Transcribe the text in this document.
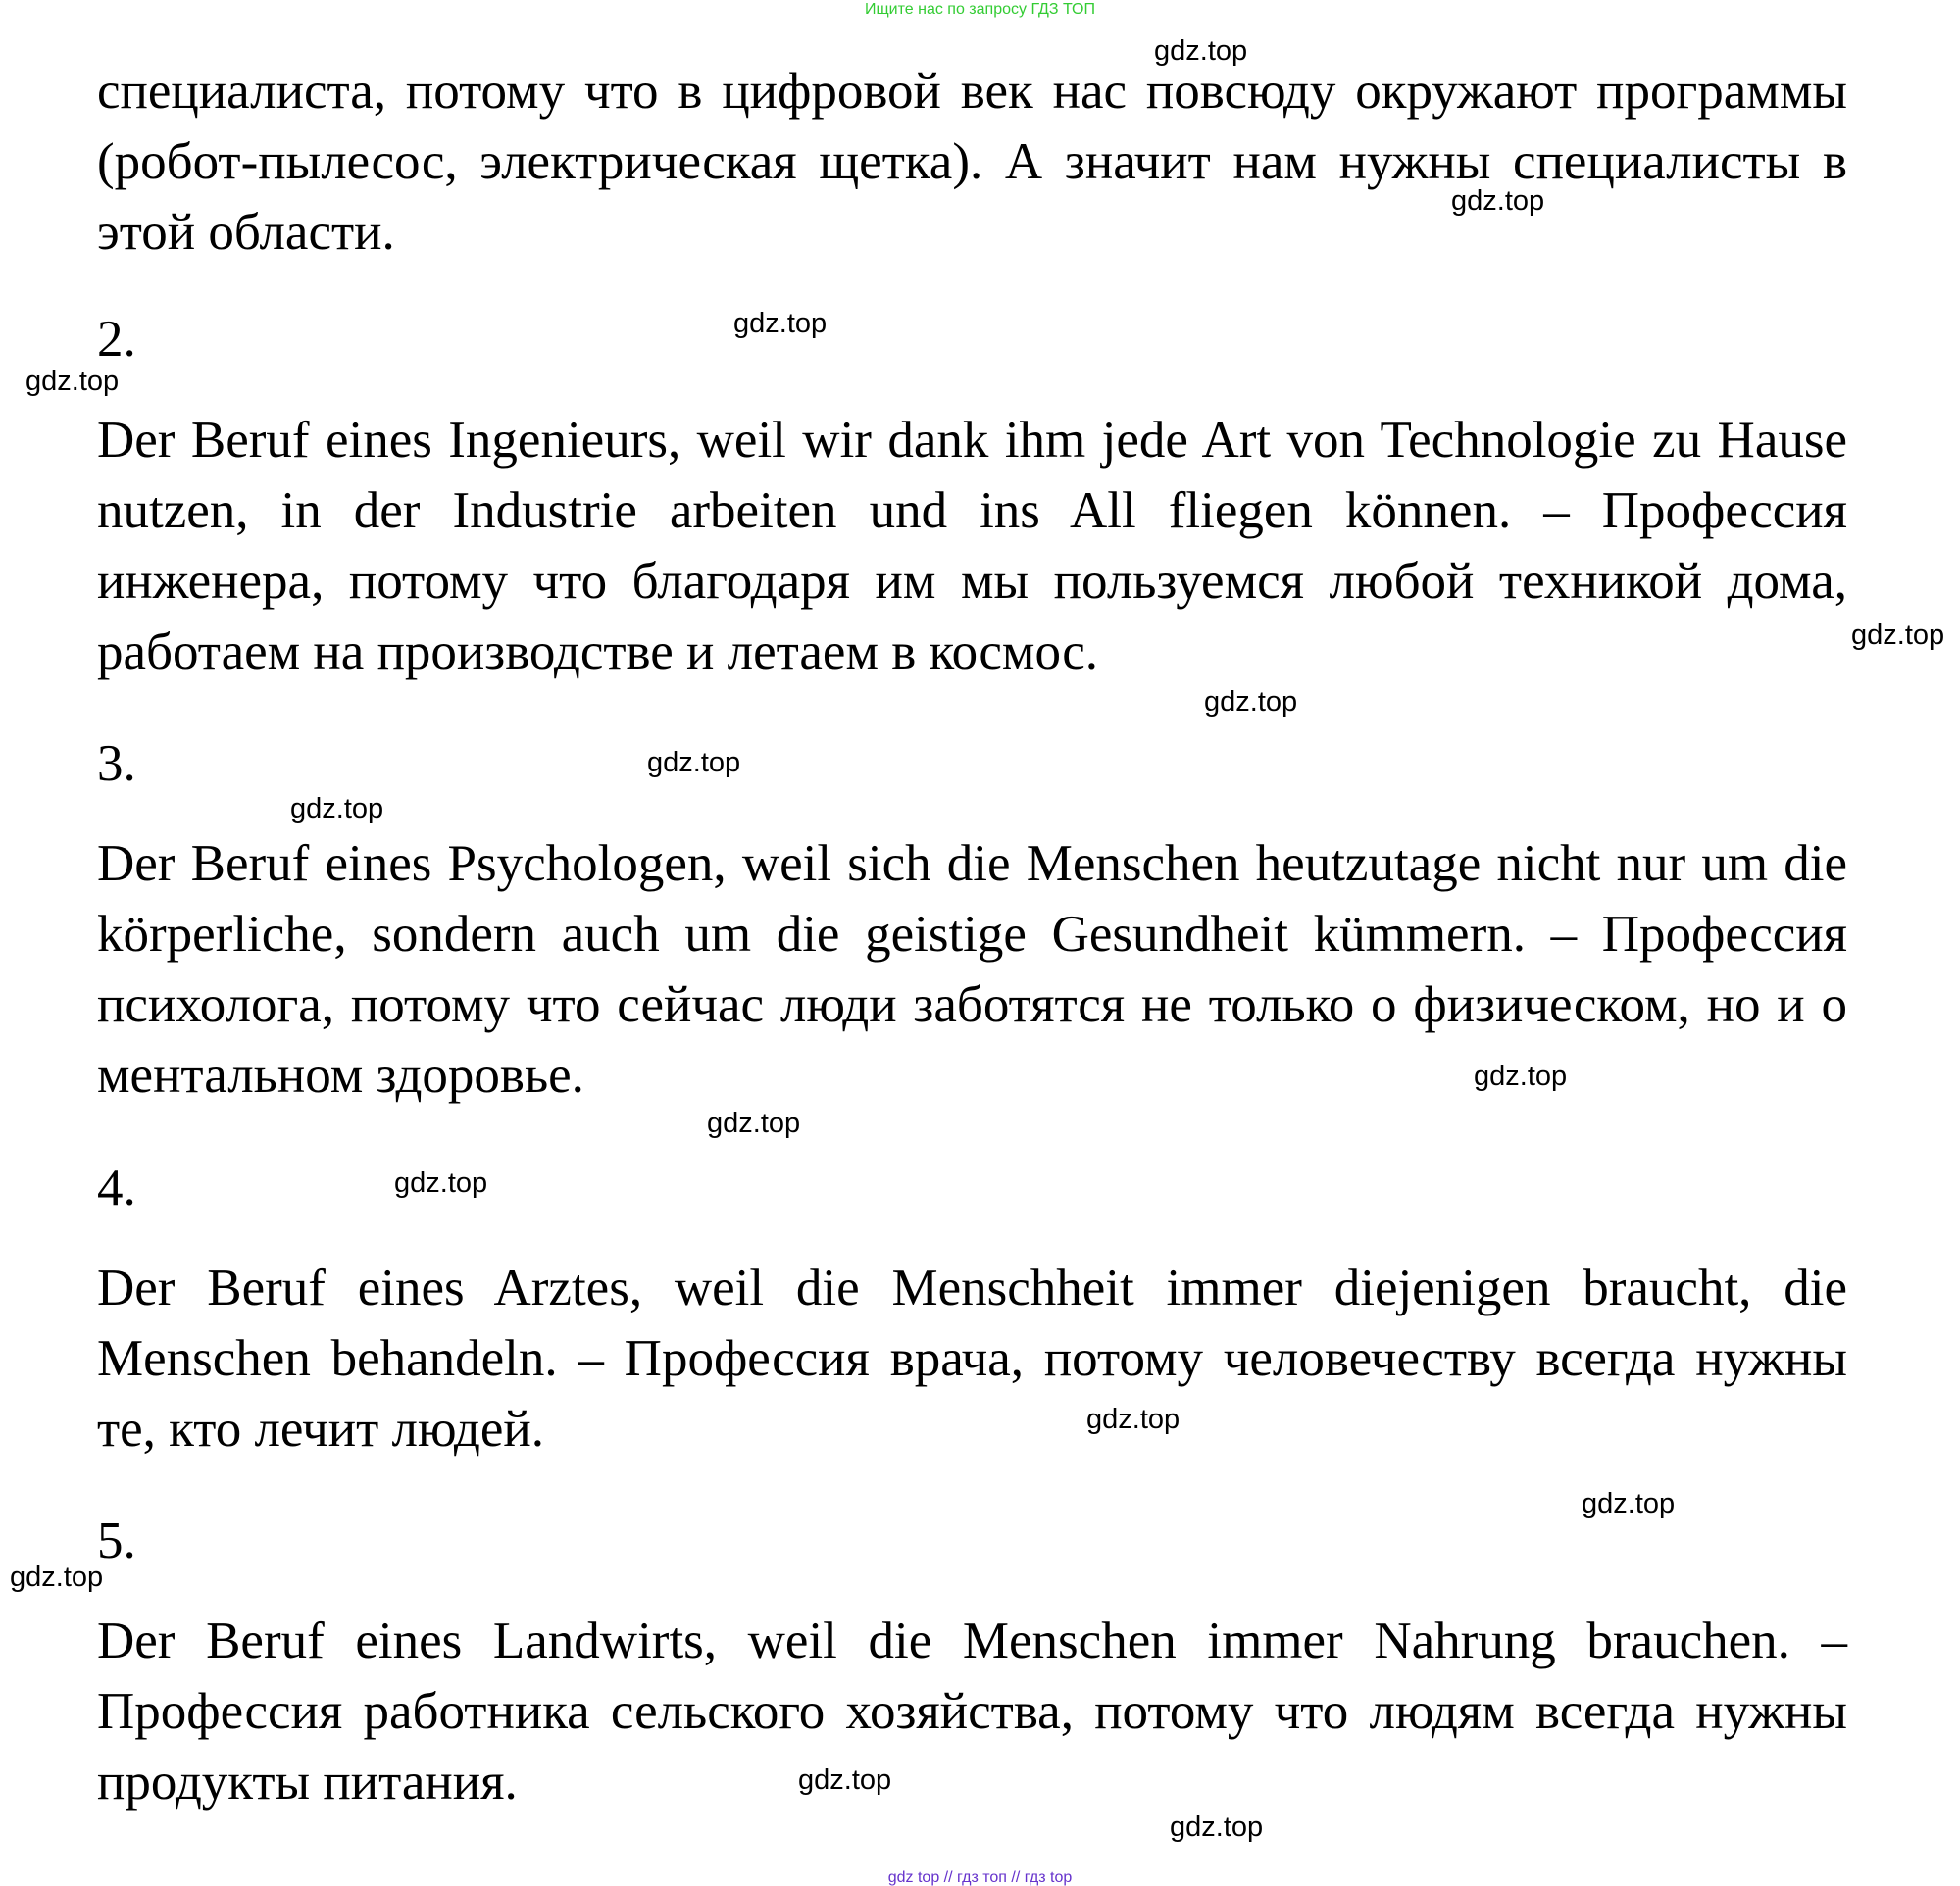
Ищите нас по запросу ГДЗ ТОП

специалиста, потому что в цифровой век нас повсюду окружают программы (робот-пылесос, электрическая щетка). А значит нам нужны специалисты в этой области.

2.

Der Beruf eines Ingenieurs, weil wir dank ihm jede Art von Technologie zu Hause nutzen, in der Industrie arbeiten und ins All fliegen können. – Профессия инженера, потому что благодаря им мы пользуемся любой техникой дома, работаем на производстве и летаем в космос.

3.

Der Beruf eines Psychologen, weil sich die Menschen heutzutage nicht nur um die körperliche, sondern auch um die geistige Gesundheit kümmern. – Профессия психолога, потому что сейчас люди заботятся не только о физическом, но и о ментальном здоровье.

4.

Der Beruf eines Arztes, weil die Menschheit immer diejenigen braucht, die Menschen behandeln. – Профессия врача, потому человечеству всегда нужны те, кто лечит людей.

5.

Der Beruf eines Landwirts, weil die Menschen immer Nahrung brauchen. – Профессия работника сельского хозяйства, потому что людям всегда нужны продукты питания.

gdz.top
gdz.top
gdz.top
gdz.top
gdz.top
gdz.top
gdz.top
gdz.top
gdz.top
gdz.top
gdz.top
gdz.top
gdz.top
gdz.top
gdz.top
gdz.top
gdz top // гдз топ // гдз top
